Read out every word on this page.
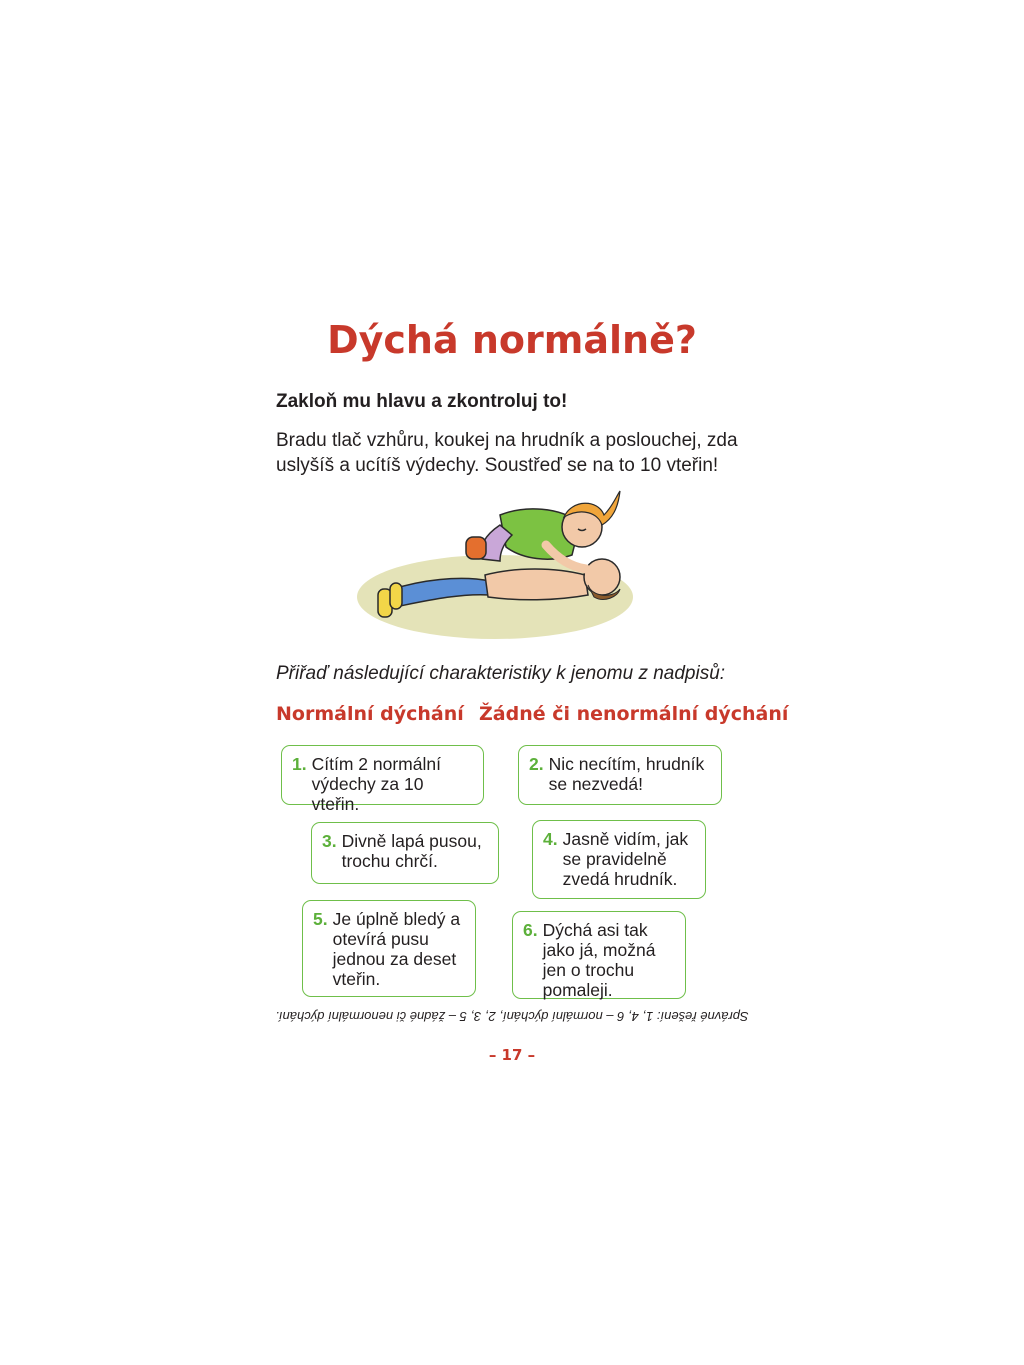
Dýchá normálně?
Zakloň mu hlavu a zkontroluj to!
Bradu tlač vzhůru, koukej na hrudník a poslouchej, zda uslyšíš a ucítíš výdechy. Soustřeď se na to 10 vteřin!
Přiřaď následující charakteristiky k jenomu z nadpisů:
Normální dýchání Žádné či nenormální dýchání
1. Cítím 2 normální výdechy za 10 vteřin.
2. Nic necítím, hrudník se nezvedá!
3. Divně lapá pusou, trochu chrčí.
4. Jasně vidím, jak se pravidelně zvedá hrudník.
5. Je úplně bledý a otevírá pusu jednou za deset vteřin.
6. Dýchá asi tak jako já, možná jen o trochu pomaleji.
Správné řešení: 1, 4, 6 – normální dýchání, 2, 3, 5 – žádné či nenormální dýchání.
– 17 –
